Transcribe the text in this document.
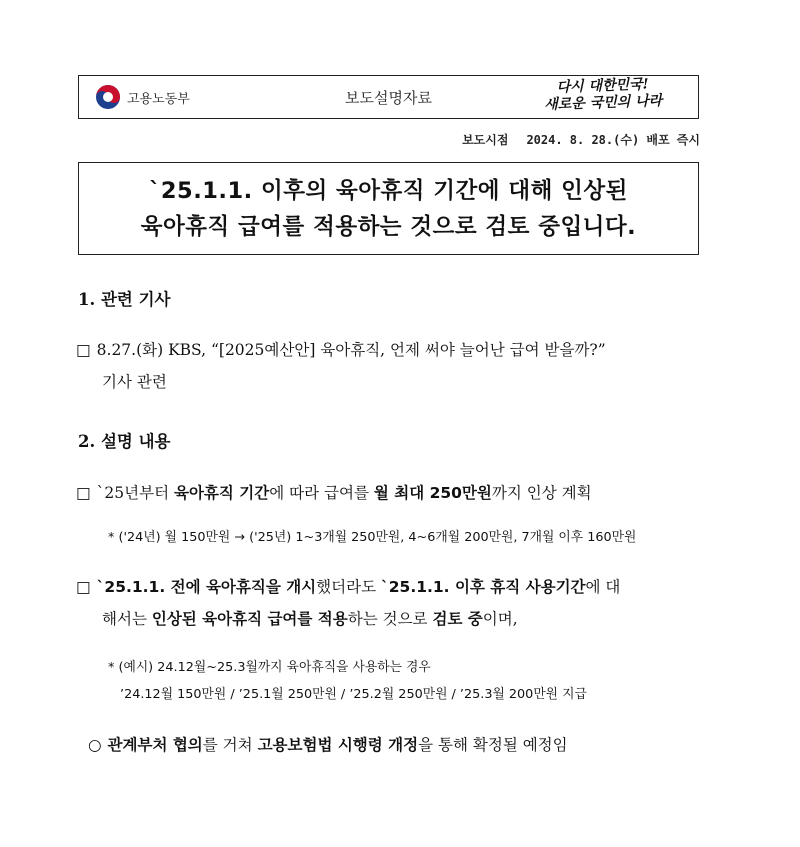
고용노동부	보도설명자료
다시 대한민국!
새로운 국민의 나라
보도시점 2024. 8. 28.(수) 배포 즉시
`25.1.1. 이후의 육아휴직 기간에 대해 인상된
육아휴직 급여를 적용하는 것으로 검토 중입니다.
1. 관련 기사
□ 8.27.(화) KBS, “[2025예산안] 육아휴직, 언제 써야 늘어난 급여 받을까?”
기사 관련
2. 설명 내용
□ `25년부터 육아휴직 기간에 따라 급여를 월 최대 250만원까지 인상 계획
* ('24년) 월 150만원 → ('25년) 1~3개월 250만원, 4~6개월 200만원, 7개월 이후 160만원
□ `25.1.1. 전에 육아휴직을 개시했더라도 `25.1.1. 이후 휴직 사용기간에 대
해서는 인상된 육아휴직 급여를 적용하는 것으로 검토 중이며,
* (예시) 24.12월~25.3월까지 육아휴직을 사용하는 경우
’24.12월 150만원 / ’25.1월 250만원 / ’25.2월 250만원 / ’25.3월 200만원 지급
○ 관계부처 협의를 거쳐 고용보험법 시행령 개정을 통해 확정될 예정임
